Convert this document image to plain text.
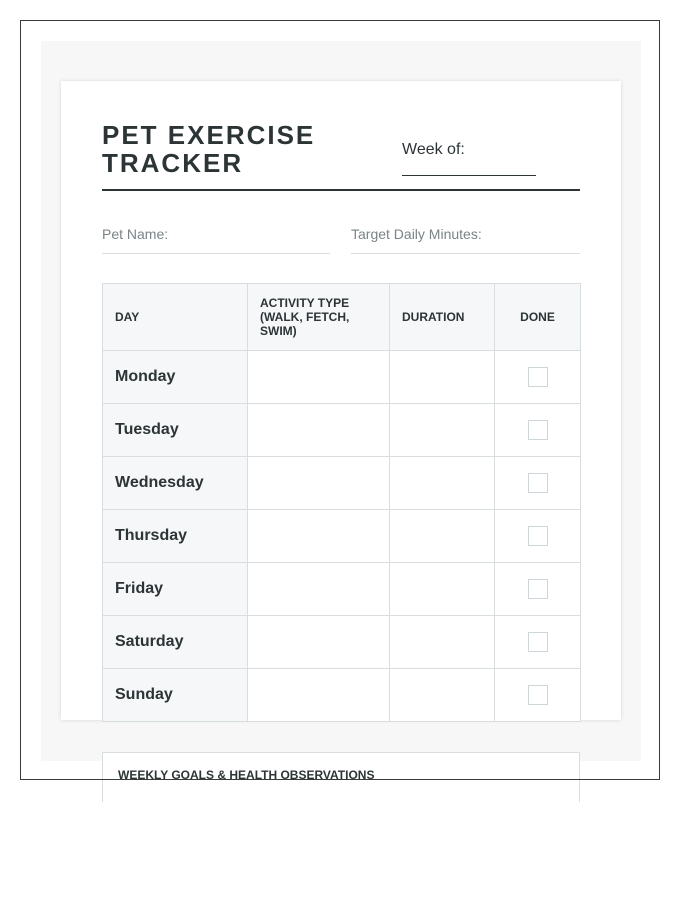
PET EXERCISE
TRACKER	Week of:
Pet Name:	Target Daily Minutes:
DAY	ACTIVITY TYPE (WALK, FETCH, SWIM)	DURATION	DONE
Monday			
Tuesday			
Wednesday			
Thursday			
Friday			
Saturday			
Sunday			
WEEKLY GOALS & HEALTH OBSERVATIONS
